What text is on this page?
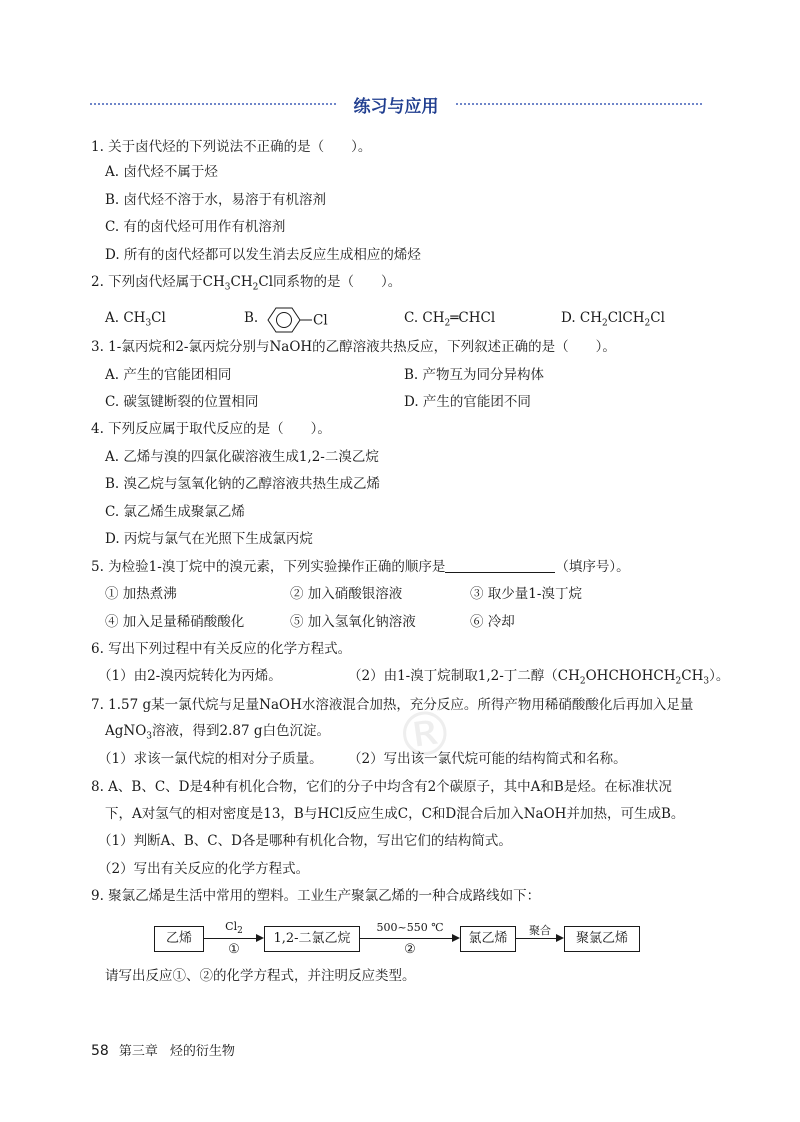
练习与应用
®
1. 关于卤代烃的下列说法不正确的是（　　）。
A. 卤代烃不属于烃
B. 卤代烃不溶于水，易溶于有机溶剂
C. 有的卤代烃可用作有机溶剂
D. 所有的卤代烃都可以发生消去反应生成相应的烯烃
2. 下列卤代烃属于$CH_3CH_2Cl$同系物的是（　　）。
A. $CH_3Cl$	B.	Cl	C. $CH_2═CHCl$	D. $CH_2ClCH_2Cl$
3. 1-氯丙烷和2-氯丙烷分别与NaOH的乙醇溶液共热反应，下列叙述正确的是（　　）。
A. 产生的官能团相同	B. 产物互为同分异构体
C. 碳氢键断裂的位置相同	D. 产生的官能团不同
4. 下列反应属于取代反应的是（　　）。
A. 乙烯与溴的四氯化碳溶液生成1,2-二溴乙烷
B. 溴乙烷与氢氧化钠的乙醇溶液共热生成乙烯
C. 氯乙烯生成聚氯乙烯
D. 丙烷与氯气在光照下生成氯丙烷
5. 为检验1-溴丁烷中的溴元素，下列实验操作正确的顺序是	（填序号）。
① 加热煮沸	② 加入硝酸银溶液	③ 取少量1-溴丁烷
④ 加入足量稀硝酸酸化	⑤ 加入氢氧化钠溶液	⑥ 冷却
6. 写出下列过程中有关反应的化学方程式。
（1）由2-溴丙烷转化为丙烯。	（2）由1-溴丁烷制取1,2-丁二醇$(CH_2OHCHOHCH_2CH_3)$。
7. 1.57 g某一氯代烷与足量NaOH水溶液混合加热，充分反应。所得产物用稀硝酸酸化后再加入足量
AgNO$_3$溶液，得到2.87 g白色沉淀。
（1）求该一氯代烷的相对分子质量。 （2）写出该一氯代烷可能的结构简式和名称。
8. A、B、C、D是4种有机化合物，它们的分子中均含有2个碳原子，其中A和B是烃。在标准状况
下，A对氢气的相对密度是13，B与HCl反应生成C，C和D混合后加入NaOH并加热，可生成B。
（1）判断A、B、C、D各是哪种有机化合物，写出它们的结构简式。
（2）写出有关反应的化学方程式。
9. 聚氯乙烯是生活中常用的塑料。工业生产聚氯乙烯的一种合成路线如下：
乙烯
$Cl_2$
①
1,2-二氯乙烷
500~550 ℃
②
氯乙烯
聚合
聚氯乙烯
请写出反应①、②的化学方程式，并注明反应类型。
58 第三章 烃的衍生物
